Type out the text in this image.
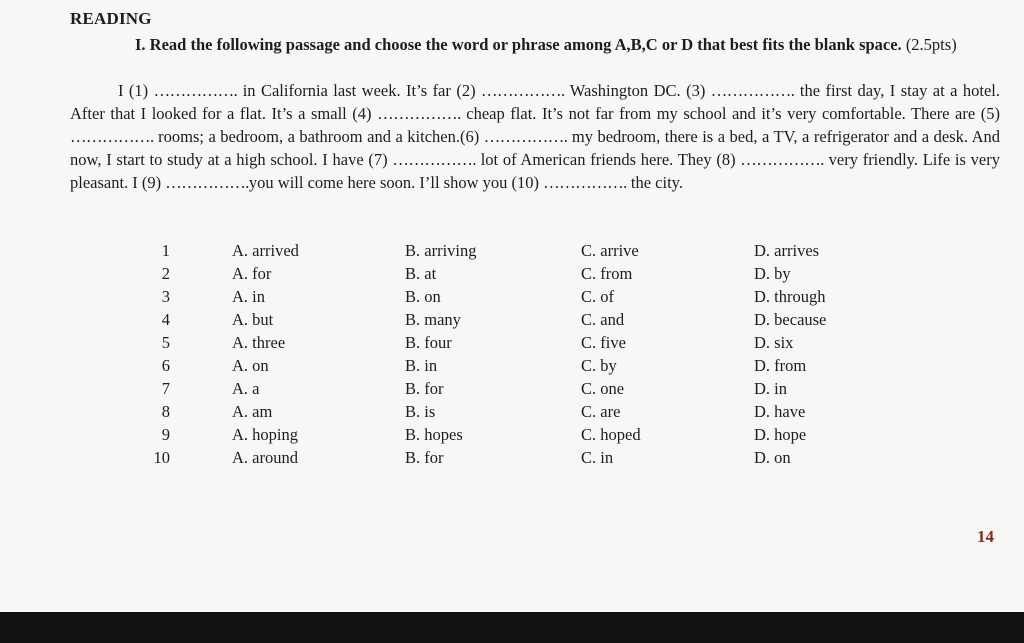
READING
I. Read the following passage and choose the word or phrase among A,B,C or D that best fits the blank space. (2.5pts)
I (1) ……………. in California last week. It’s far (2) ……………. Washington DC. (3) ……………. the first day, I stay at a hotel. After that I looked for a flat. It’s a small (4) ……………. cheap flat. It’s not far from my school and it’s very comfortable. There are (5) ……………. rooms; a bedroom, a bathroom and a kitchen.(6) ……………. my bedroom, there is a bed, a TV, a refrigerator and a desk. And now, I start to study at a high school. I have (7) ……………. lot of American friends here. They (8) ……………. very friendly. Life is very pleasant. I (9) …………….you will come here soon. I’ll show you (10) ……………. the city.
1	A. arrived	B. arriving	C. arrive	D. arrives
2	A. for	B. at	C. from	D. by
3	A. in	B. on	C. of	D. through
4	A. but	B. many	C. and	D. because
5	A. three	B. four	C. five	D. six
6	A. on	B. in	C. by	D. from
7	A. a	B. for	C. one	D. in
8	A. am	B. is	C. are	D. have
9	A. hoping	B. hopes	C. hoped	D. hope
10	A. around	B. for	C. in	D. on
14
